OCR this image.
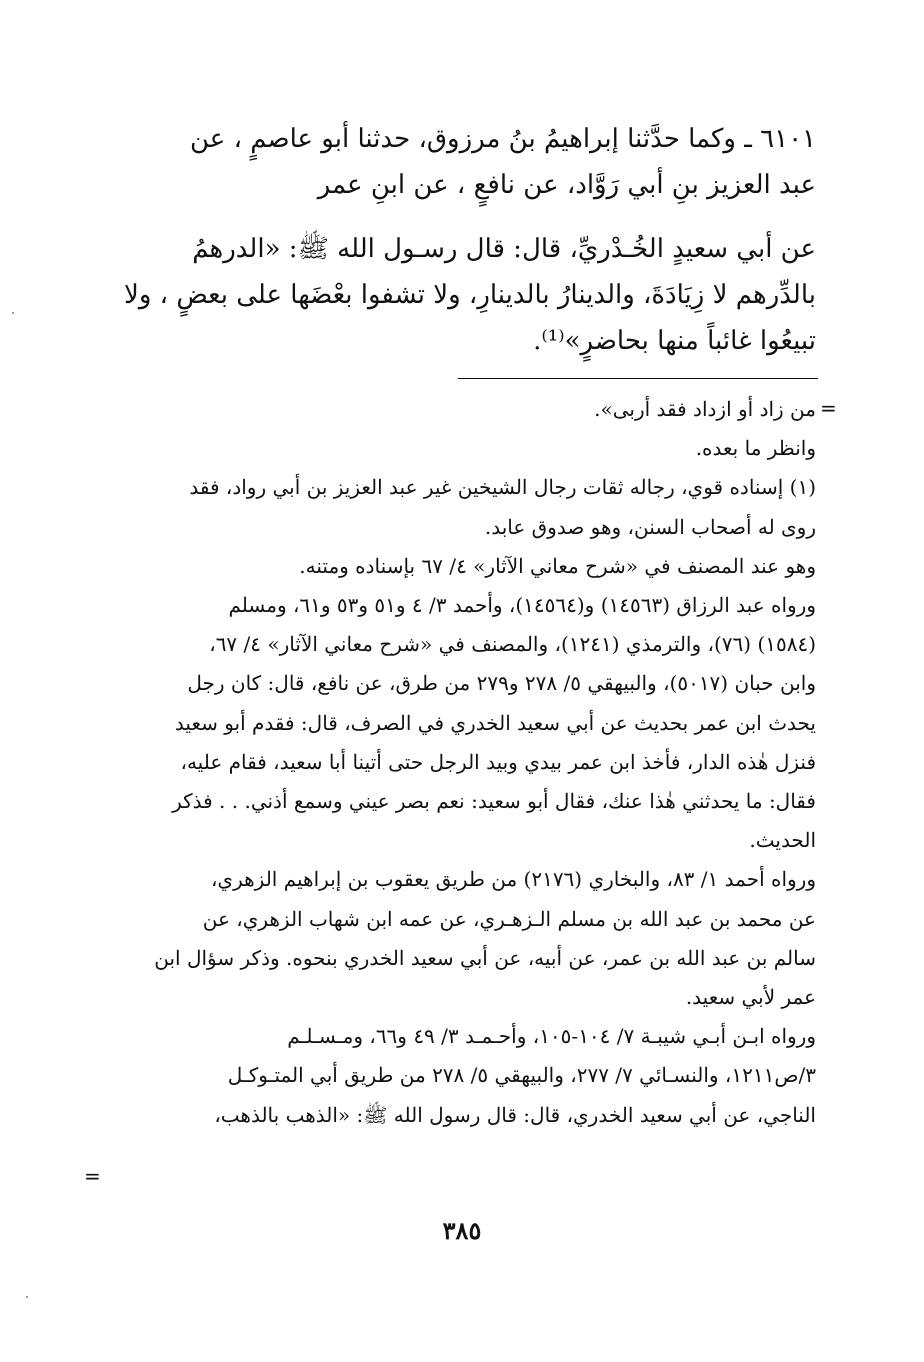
٦١٠١ ـ وكما حدَّثنا إبراهيمُ بنُ مرزوق، حدثنا أبو عاصمٍ ، عن
عبد العزيز بنِ أبي رَوَّاد، عن نافعٍ ، عن ابنِ عمر
عن أبي سعيدٍ الخُـدْريِّ، قال: قال رسـول الله ﷺ: «الدرهمُ
بالدِّرهم لا زِيَادَةَ، والدينارُ بالدينارِ، ولا تشفوا بعْضَها على بعضٍ ، ولا
تبيعُوا غائباً منها بحاضرٍ»⁽¹⁾.
=
من زاد أو ازداد فقد أربى».
وانظر ما بعده.
(١) إسناده قوي، رجاله ثقات رجال الشيخين غير عبد العزيز بن أبي رواد، فقد
روى له أصحاب السنن، وهو صدوق عابد.
وهو عند المصنف في «شرح معاني الآثار» ٤/ ٦٧ بإسناده ومتنه.
ورواه عبد الرزاق (١٤٥٦٣) و(١٤٥٦٤)، وأحمد ٣/ ٤ و٥١ و٥٣ و٦١، ومسلم
(١٥٨٤) (٧٦)، والترمذي (١٢٤١)، والمصنف في «شرح معاني الآثار» ٤/ ٦٧،
وابن حبان (٥٠١٧)، والبيهقي ٥/ ٢٧٨ و٢٧٩ من طرق، عن نافع، قال: كان رجل
يحدث ابن عمر بحديث عن أبي سعيد الخدري في الصرف، قال: فقدم أبو سعيد
فنزل هٰذه الدار، فأخذ ابن عمر بيدي وبيد الرجل حتى أتينا أبا سعيد، فقام عليه،
فقال: ما يحدثني هٰذا عنك، فقال أبو سعيد: نعم بصر عيني وسمع أذني. . . فذكر
الحديث.
ورواه أحمد ١/ ٨٣، والبخاري (٢١٧٦) من طريق يعقوب بن إبراهيم الزهري،
عن محمد بن عبد الله بن مسلم الـزهـري، عن عمه ابن شهاب الزهري، عن
سالم بن عبد الله بن عمر، عن أبيه، عن أبي سعيد الخدري بنحوه. وذكر سؤال ابن
عمر لأبي سعيد.
ورواه ابـن أبـي شيبـة ٧/ ١٠٤-١٠٥، وأحـمـد ٣/ ٤٩ و٦٦، ومـسـلـم
٣/ص١٢١١، والنسـائي ٧/ ٢٧٧، والبيهقي ٥/ ٢٧٨ من طريق أبي المتـوكـل
الناجي، عن أبي سعيد الخدري، قال: قال رسول الله ﷺ: «الذهب بالذهب،
=
٣٨٥
